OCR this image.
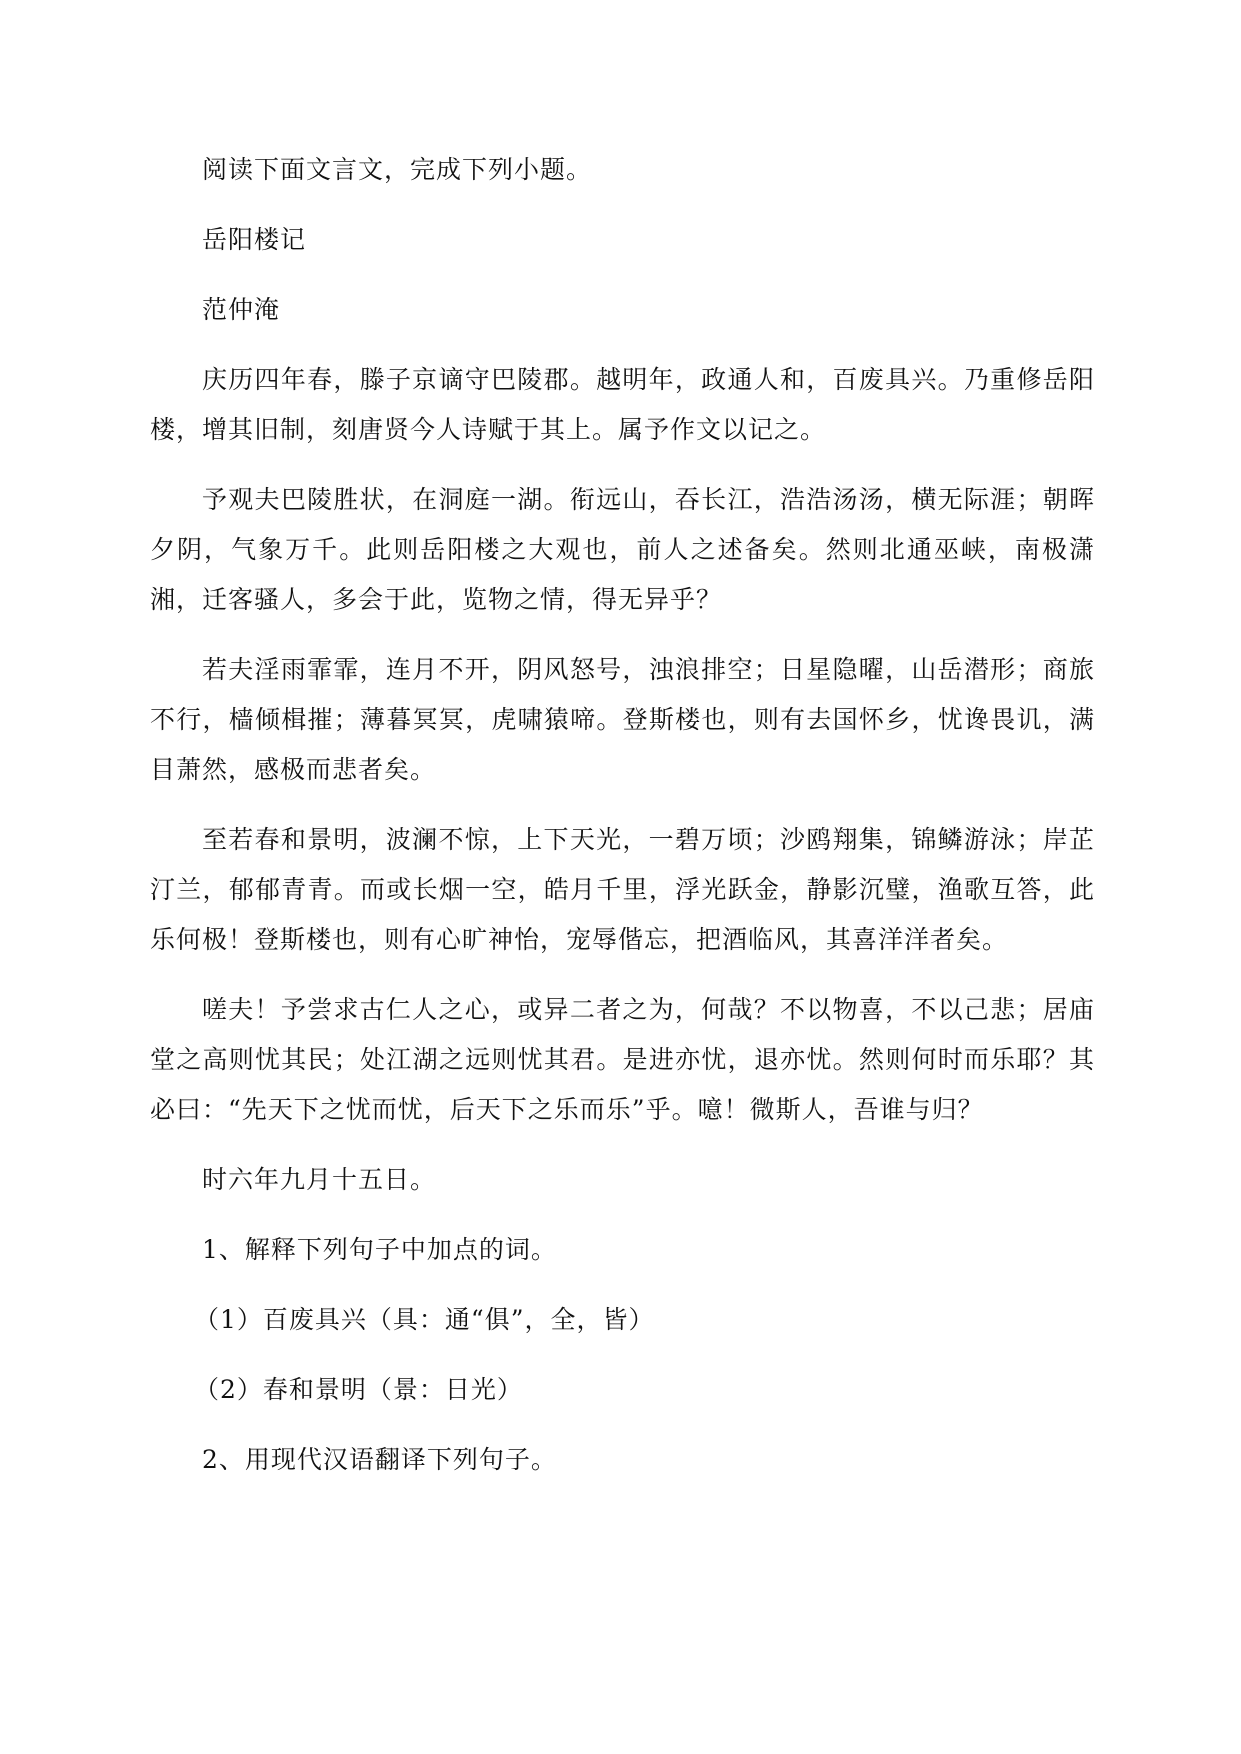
阅读下面文言文，完成下列小题。

岳阳楼记

范仲淹

庆历四年春，滕子京谪守巴陵郡。越明年，政通人和，百废具兴。乃重修岳阳楼，增其旧制，刻唐贤今人诗赋于其上。属予作文以记之。

予观夫巴陵胜状，在洞庭一湖。衔远山，吞长江，浩浩汤汤，横无际涯；朝晖夕阴，气象万千。此则岳阳楼之大观也，前人之述备矣。然则北通巫峡，南极潇湘，迁客骚人，多会于此，览物之情，得无异乎？

若夫淫雨霏霏，连月不开，阴风怒号，浊浪排空；日星隐曜，山岳潜形；商旅不行，樯倾楫摧；薄暮冥冥，虎啸猿啼。登斯楼也，则有去国怀乡，忧谗畏讥，满目萧然，感极而悲者矣。

至若春和景明，波澜不惊，上下天光，一碧万顷；沙鸥翔集，锦鳞游泳；岸芷汀兰，郁郁青青。而或长烟一空，皓月千里，浮光跃金，静影沉璧，渔歌互答，此乐何极！登斯楼也，则有心旷神怡，宠辱偕忘，把酒临风，其喜洋洋者矣。

嗟夫！予尝求古仁人之心，或异二者之为，何哉？不以物喜，不以己悲；居庙堂之高则忧其民；处江湖之远则忧其君。是进亦忧，退亦忧。然则何时而乐耶？其必曰：“先天下之忧而忧，后天下之乐而乐”乎。噫！微斯人，吾谁与归？

时六年九月十五日。

1、解释下列句子中加点的词。

（1）百废具兴（具：通“俱”，全，皆）

（2）春和景明（景：日光）

2、用现代汉语翻译下列句子。
